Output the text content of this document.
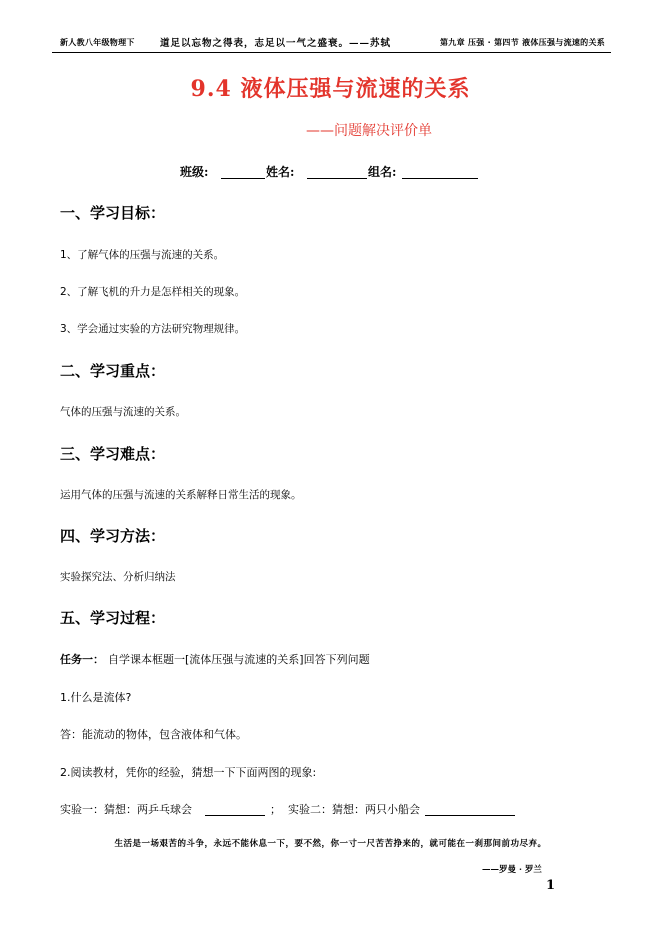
新人教八年级物理下	道足以忘物之得表，志足以一气之盛衰。——苏轼	第九章 压强 · 第四节 液体压强与流速的关系
9.4 液体压强与流速的关系
——问题解决评价单
班级:	姓名:	组名:
一、学习目标：
1、了解气体的压强与流速的关系。
2、了解飞机的升力是怎样相关的现象。
3、学会通过实验的方法研究物理规律。
二、学习重点：
气体的压强与流速的关系。
三、学习难点：
运用气体的压强与流速的关系解释日常生活的现象。
四、学习方法：
实验探究法、分析归纳法
五、学习过程：
任务一： 自学课本框题一[流体压强与流速的关系]回答下列问题
1.什么是流体?
答：能流动的物体，包含液体和气体。
2.阅读教材，凭你的经验，猜想一下下面两图的现象:
实验一：猜想：两乒乓球会	； 实验二：猜想：两只小船会
生活是一场艰苦的斗争，永远不能休息一下，要不然，你一寸一尺苦苦挣来的，就可能在一刹那间前功尽弃。
——罗曼 · 罗兰
1
